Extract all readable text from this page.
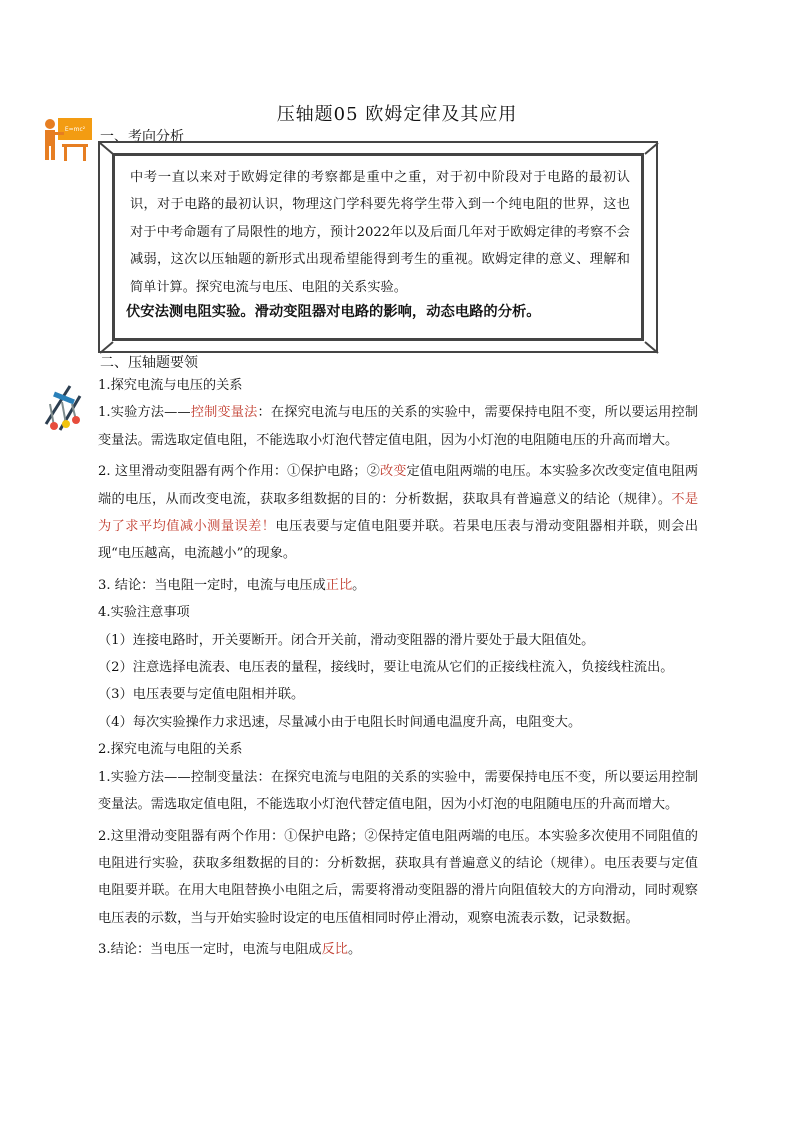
压轴题05 欧姆定律及其应用
E=mc² 一、考向分析
中考一直以来对于欧姆定律的考察都是重中之重，对于初中阶段对于电路的最初认识，对于电路的最初认识，物理这门学科要先将学生带入到一个纯电阻的世界，这也对于中考命题有了局限性的地方，预计2022年以及后面几年对于欧姆定律的考察不会减弱，这次以压轴题的新形式出现希望能得到考生的重视。欧姆定律的意义、理解和简单计算。探究电流与电压、电阻的关系实验。
伏安法测电阻实验。滑动变阻器对电路的影响，动态电路的分析。
二、压轴题要领

1.探究电流与电压的关系

1.实验方法——控制变量法：在探究电流与电压的关系的实验中，需要保持电阻不变，所以要运用控制变量法。需选取定值电阻，不能选取小灯泡代替定值电阻，因为小灯泡的电阻随电压的升高而增大。

2. 这里滑动变阻器有两个作用：①保护电路；②改变定值电阻两端的电压。本实验多次改变定值电阻两端的电压，从而改变电流，获取多组数据的目的：分析数据，获取具有普遍意义的结论（规律）。不是为了求平均值减小测量误差！电压表要与定值电阻要并联。若果电压表与滑动变阻器相并联，则会出现“电压越高，电流越小”的现象。

3. 结论：当电阻一定时，电流与电压成正比。

4.实验注意事项

（1）连接电路时，开关要断开。闭合开关前，滑动变阻器的滑片要处于最大阻值处。

（2）注意选择电流表、电压表的量程，接线时，要让电流从它们的正接线柱流入，负接线柱流出。

（3）电压表要与定值电阻相并联。

（4）每次实验操作力求迅速，尽量减小由于电阻长时间通电温度升高，电阻变大。

2.探究电流与电阻的关系

1.实验方法——控制变量法：在探究电流与电阻的关系的实验中，需要保持电压不变，所以要运用控制变量法。需选取定值电阻，不能选取小灯泡代替定值电阻，因为小灯泡的电阻随电压的升高而增大。

2.这里滑动变阻器有两个作用：①保护电路；②保持定值电阻两端的电压。本实验多次使用不同阻值的电阻进行实验，获取多组数据的目的：分析数据，获取具有普遍意义的结论（规律）。电压表要与定值电阻要并联。在用大电阻替换小电阻之后，需要将滑动变阻器的滑片向阻值较大的方向滑动，同时观察电压表的示数，当与开始实验时设定的电压值相同时停止滑动，观察电流表示数，记录数据。

3.结论：当电压一定时，电流与电阻成反比。
